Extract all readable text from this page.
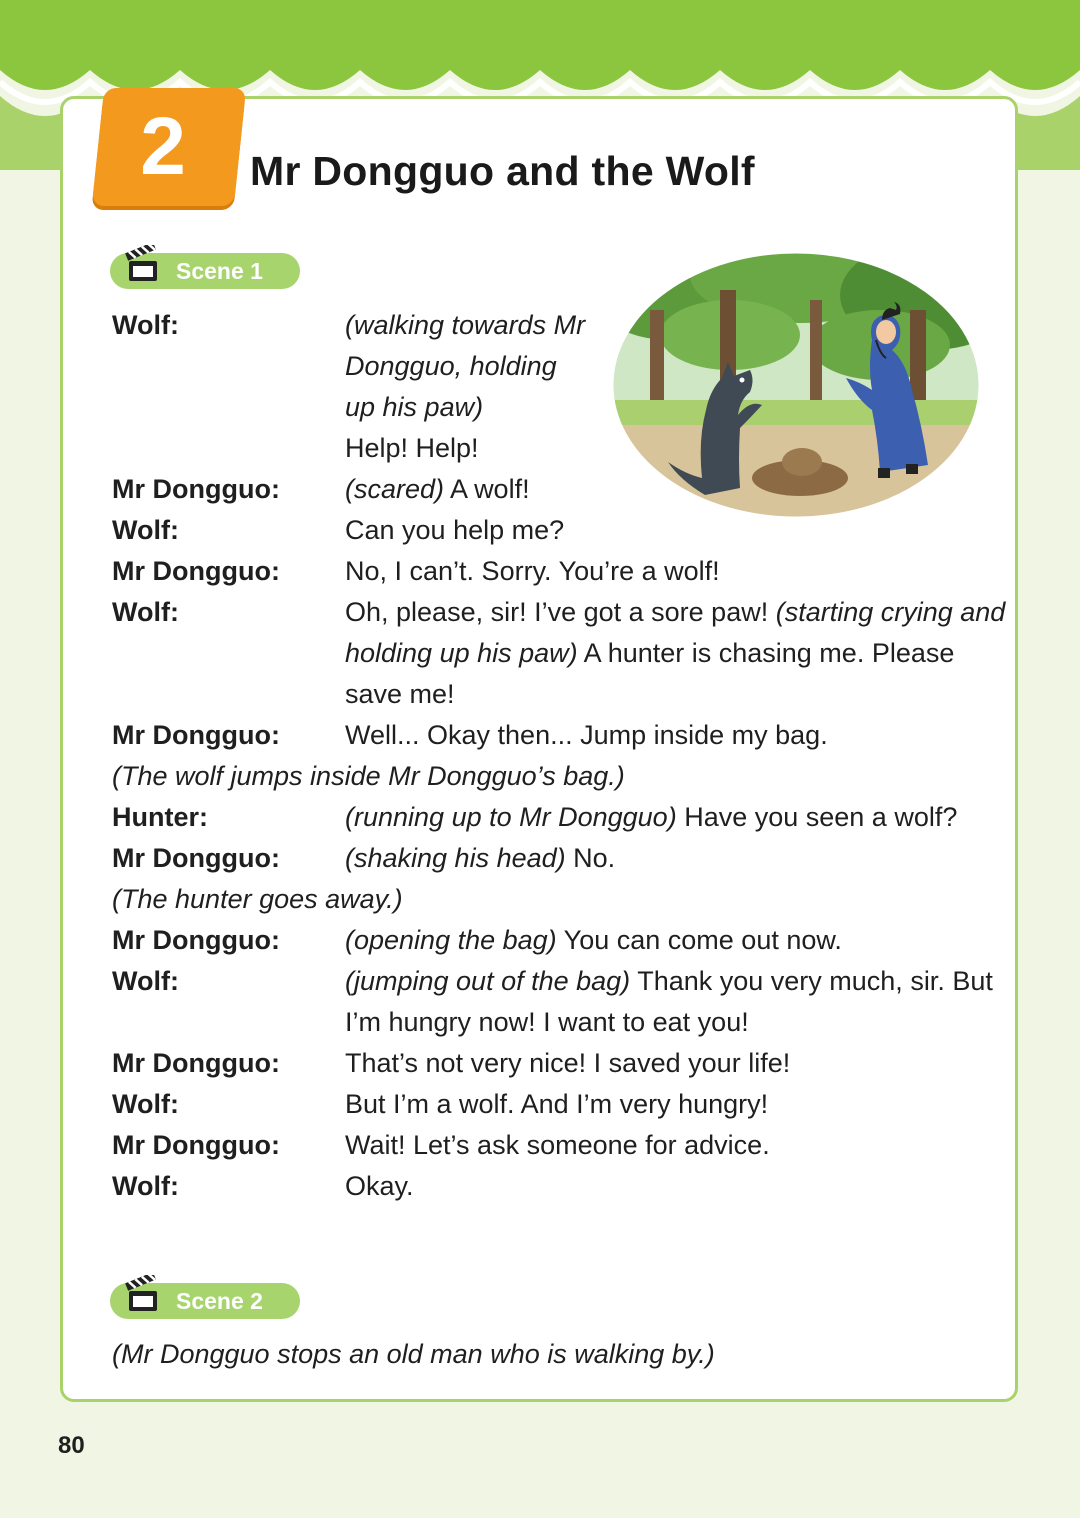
2	Mr Dongguo and the Wolf
Scene 1
Wolf:	(walking towards Mr Dongguo, holding up his paw)
Help! Help!
Mr Dongguo:	(scared) A wolf!
Wolf:	Can you help me?
Mr Dongguo:	No, I can’t. Sorry. You’re a wolf!
Wolf:	Oh, please, sir! I’ve got a sore paw! (starting crying and holding up his paw) A hunter is chasing me. Please save me!
Mr Dongguo:	Well... Okay then... Jump inside my bag.
(The wolf jumps inside Mr Dongguo’s bag.)
Hunter:	(running up to Mr Dongguo) Have you seen a wolf?
Mr Dongguo:	(shaking his head) No.
(The hunter goes away.)
Mr Dongguo:	(opening the bag) You can come out now.
Wolf:	(jumping out of the bag) Thank you very much, sir. But I’m hungry now! I want to eat you!
Mr Dongguo:	That’s not very nice! I saved your life!
Wolf:	But I’m a wolf. And I’m very hungry!
Mr Dongguo:	Wait! Let’s ask someone for advice.
Wolf:	Okay.
Scene 2

(Mr Dongguo stops an old man who is walking by.)

80
